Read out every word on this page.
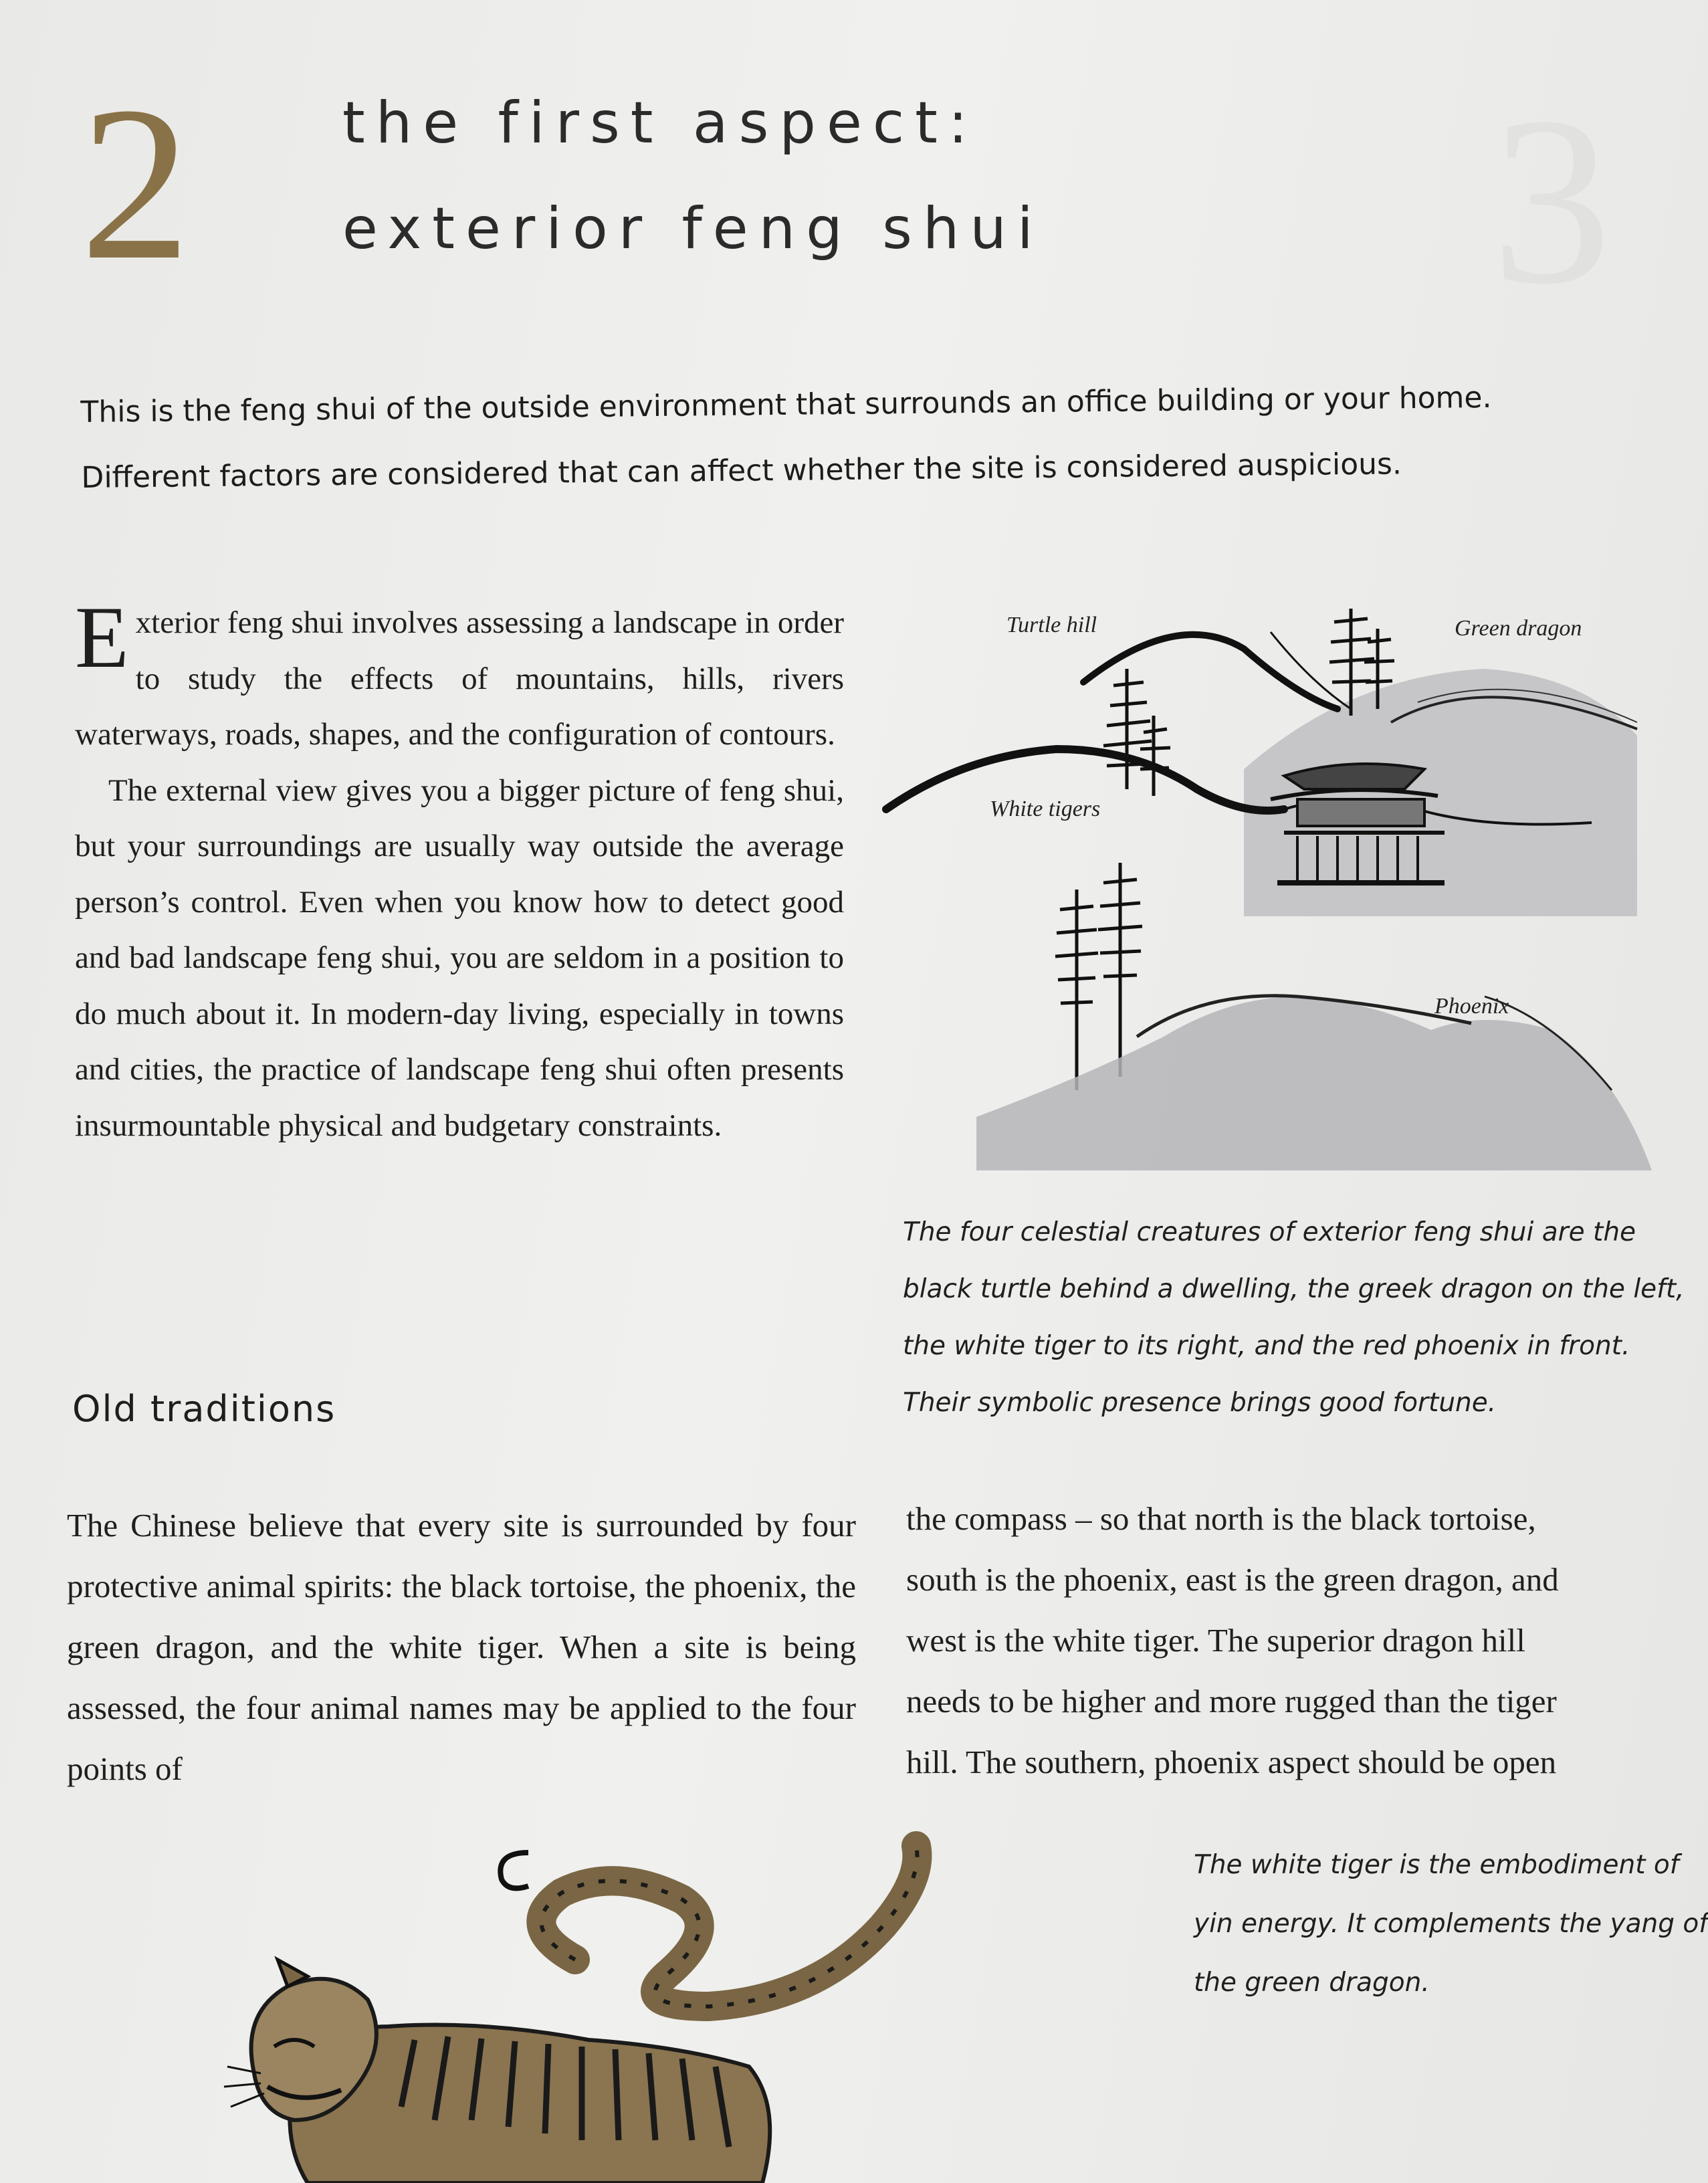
2	the first aspect:
exterior feng shui

This is the feng shui of the outside environment that surrounds an office building or your home.

Different factors are considered that can affect whether the site is considered auspicious.

Exterior feng shui involves assessing a landscape in order to study the effects of mountains, hills, rivers waterways, roads, shapes, and the configuration of contours.

The external view gives you a bigger picture of feng shui, but your surroundings are usually way outside the average person’s control. Even when you know how to detect good and bad landscape feng shui, you are seldom in a position to do much about it. In modern-day living, especially in towns and cities, the practice of landscape feng shui often presents insurmountable physical and budgetary constraints.

Turtle hill	Green dragon
White tigers
Phoenix

The four celestial creatures of exterior feng shui are the

black turtle behind a dwelling, the greek dragon on the left,

the white tiger to its right, and the red phoenix in front.

Their symbolic presence brings good fortune.

Old traditions

The Chinese believe that every site is surrounded by four protective animal spirits: the black tortoise, the phoenix, the green dragon, and the white tiger. When a site is being assessed, the four animal names may be applied to the four points of

the compass – so that north is the black tortoise,

south is the phoenix, east is the green dragon, and

west is the white tiger. The superior dragon hill

needs to be higher and more rugged than the tiger

hill. The southern, phoenix aspect should be open

The white tiger is the embodiment of

yin energy. It complements the yang of

the green dragon.
